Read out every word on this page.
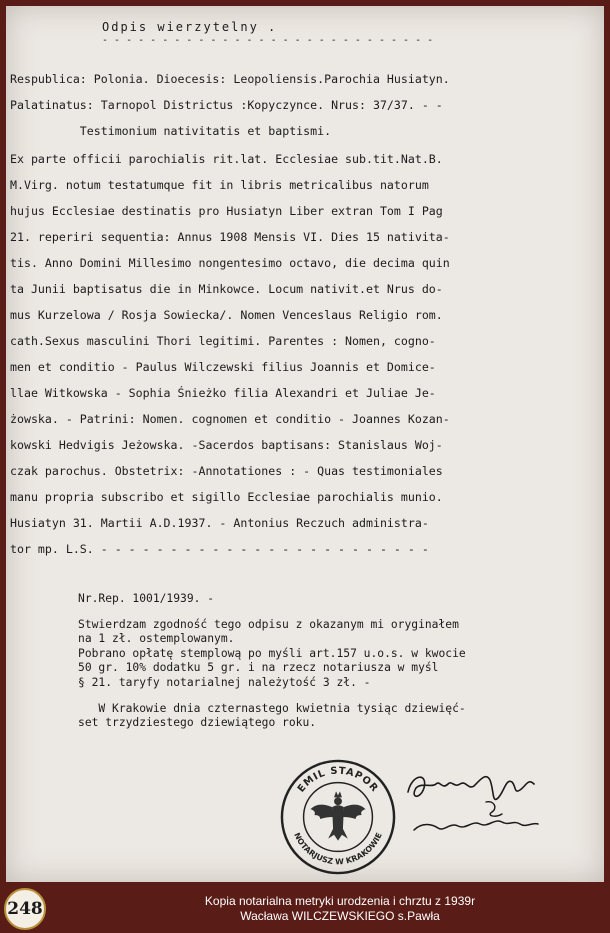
Odpis wierzytelny .
- - - - - - - - - - - - - - - - - - - - - - - - - - - -
Respublica: Polonia. Dioecesis: Leopoliensis.Parochia Husiatyn.
Palatinatus: Tarnopol Districtus :Kopyczynce. Nrus: 37/37. - -
Testimonium nativitatis et baptismi.
Ex parte officii parochialis rit.lat. Ecclesiae sub.tit.Nat.B.
M.Virg. notum testatumque fit in libris metricalibus natorum
hujus Ecclesiae destinatis pro Husiatyn Liber extran Tom I Pag
21. reperiri sequentia: Annus 1908 Mensis VI. Dies 15 nativita-
tis. Anno Domini Millesimo nongentesimo octavo, die decima quin
ta Junii baptisatus die in Minkowce. Locum nativit.et Nrus do-
mus Kurzelowa / Rosja Sowiecka/. Nomen Venceslaus Religio rom.
cath.Sexus masculini Thori legitimi. Parentes : Nomen, cogno-
men et conditio - Paulus Wilczewski filius Joannis et Domice-
llae Witkowska - Sophia Śnieżko filia Alexandri et Juliae Je-
żowska. - Patrini: Nomen. cognomen et conditio - Joannes Kozan-
kowski Hedvigis Jeżowska. -Sacerdos baptisans: Stanislaus Woj-
czak parochus. Obstetrix: -Annotationes : - Quas testimoniales
manu propria subscribo et sigillo Ecclesiae parochialis munio.
Husiatyn 31. Martii A.D.1937. - Antonius Reczuch administra-
tor mp. L.S. - - - - - - - - - - - - - - - - - - - - - - - -
Nr.Rep. 1001/1939. -
Stwierdzam zgodność tego odpisu z okazanym mi oryginałem
na 1 zł. ostemplowanym.
Pobrano opłatę stemplową po myśli art.157 u.o.s. w kwocie
50 gr. 10% dodatku 5 gr. i na rzecz notariusza w myśl
§ 21. taryfy notarialnej należytość 3 zł. -
W Krakowie dnia czternastego kwietnia tysiąc dziewięć-
set trzydziestego dziewiątego roku.
EMIL STAPOR
NOTARJUSZ W KRAKOWIE
248	Kopia notarialna metryki urodzenia i chrztu z 1939r
Wacława WILCZEWSKIEGO s.Pawła
